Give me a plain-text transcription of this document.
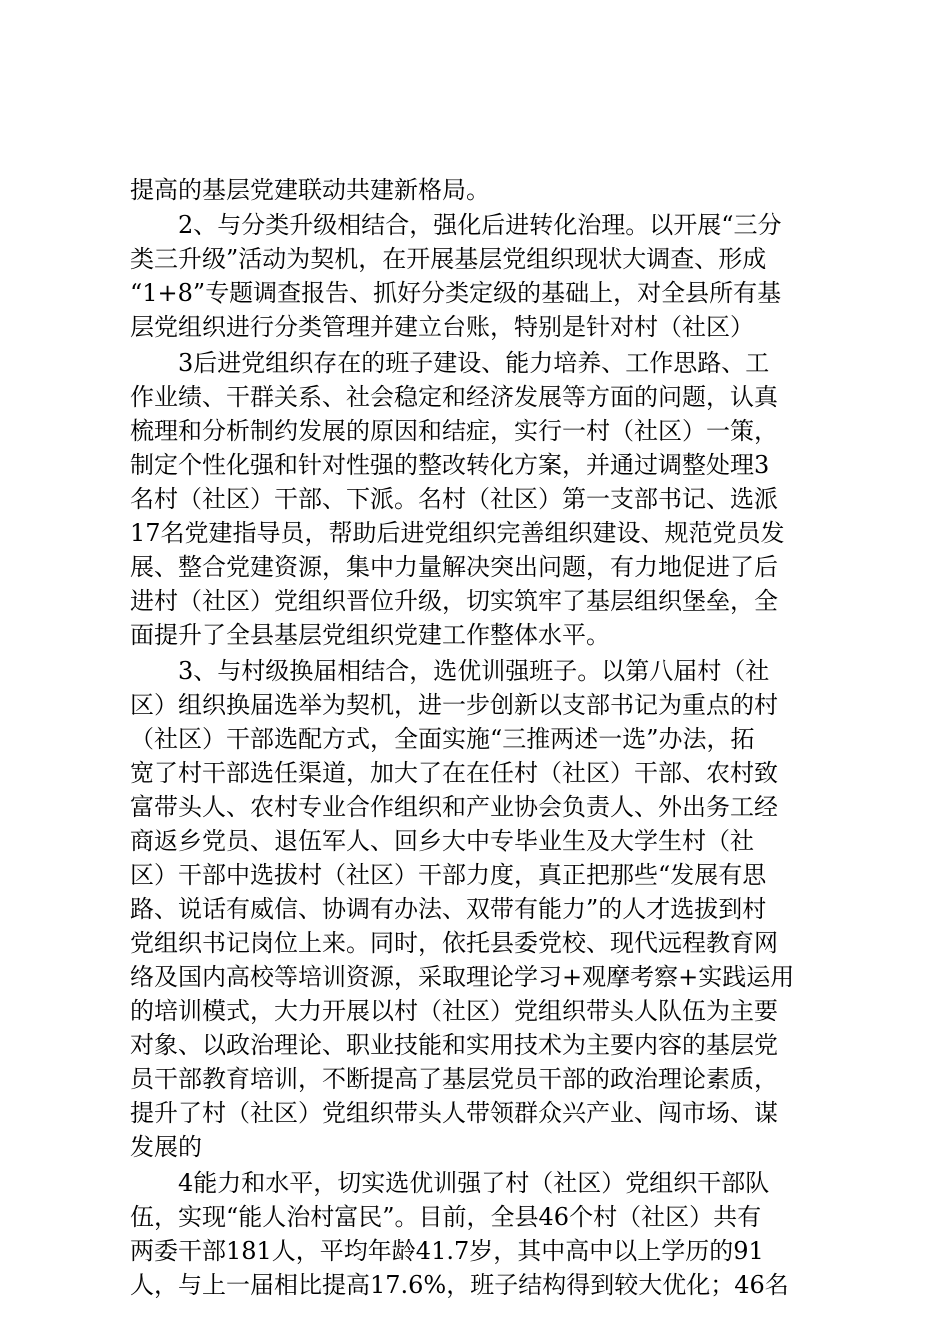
提高的基层党建联动共建新格局。
　　2、与分类升级相结合，强化后进转化治理。以开展“三分
类三升级”活动为契机，在开展基层党组织现状大调查、形成
“1+8”专题调查报告、抓好分类定级的基础上，对全县所有基
层党组织进行分类管理并建立台账，特别是针对村（社区）
　　3后进党组织存在的班子建设、能力培养、工作思路、工
作业绩、干群关系、社会稳定和经济发展等方面的问题，认真
梳理和分析制约发展的原因和结症，实行一村（社区）一策，
制定个性化强和针对性强的整改转化方案，并通过调整处理3
名村（社区）干部、下派。名村（社区）第一支部书记、选派
17名党建指导员，帮助后进党组织完善组织建设、规范党员发
展、整合党建资源，集中力量解决突出问题，有力地促进了后
进村（社区）党组织晋位升级，切实筑牢了基层组织堡垒，全
面提升了全县基层党组织党建工作整体水平。
　　3、与村级换届相结合，选优训强班子。以第八届村（社
区）组织换届选举为契机，进一步创新以支部书记为重点的村
（社区）干部选配方式，全面实施“三推两述一选”办法，拓
宽了村干部选任渠道，加大了在在任村（社区）干部、农村致
富带头人、农村专业合作组织和产业协会负责人、外出务工经
商返乡党员、退伍军人、回乡大中专毕业生及大学生村（社
区）干部中选拔村（社区）干部力度，真正把那些“发展有思
路、说话有威信、协调有办法、双带有能力”的人才选拔到村
党组织书记岗位上来。同时，依托县委党校、现代远程教育网
络及国内高校等培训资源，采取理论学习+观摩考察+实践运用
的培训模式，大力开展以村（社区）党组织带头人队伍为主要
对象、以政治理论、职业技能和实用技术为主要内容的基层党
员干部教育培训，不断提高了基层党员干部的政治理论素质，
提升了村（社区）党组织带头人带领群众兴产业、闯市场、谋
发展的
　　4能力和水平，切实选优训强了村（社区）党组织干部队
伍，实现“能人治村富民”。目前，全县46个村（社区）共有
两委干部181人，平均年龄41.7岁，其中高中以上学历的91
人，与上一届相比提高17.6%，班子结构得到较大优化；46名
